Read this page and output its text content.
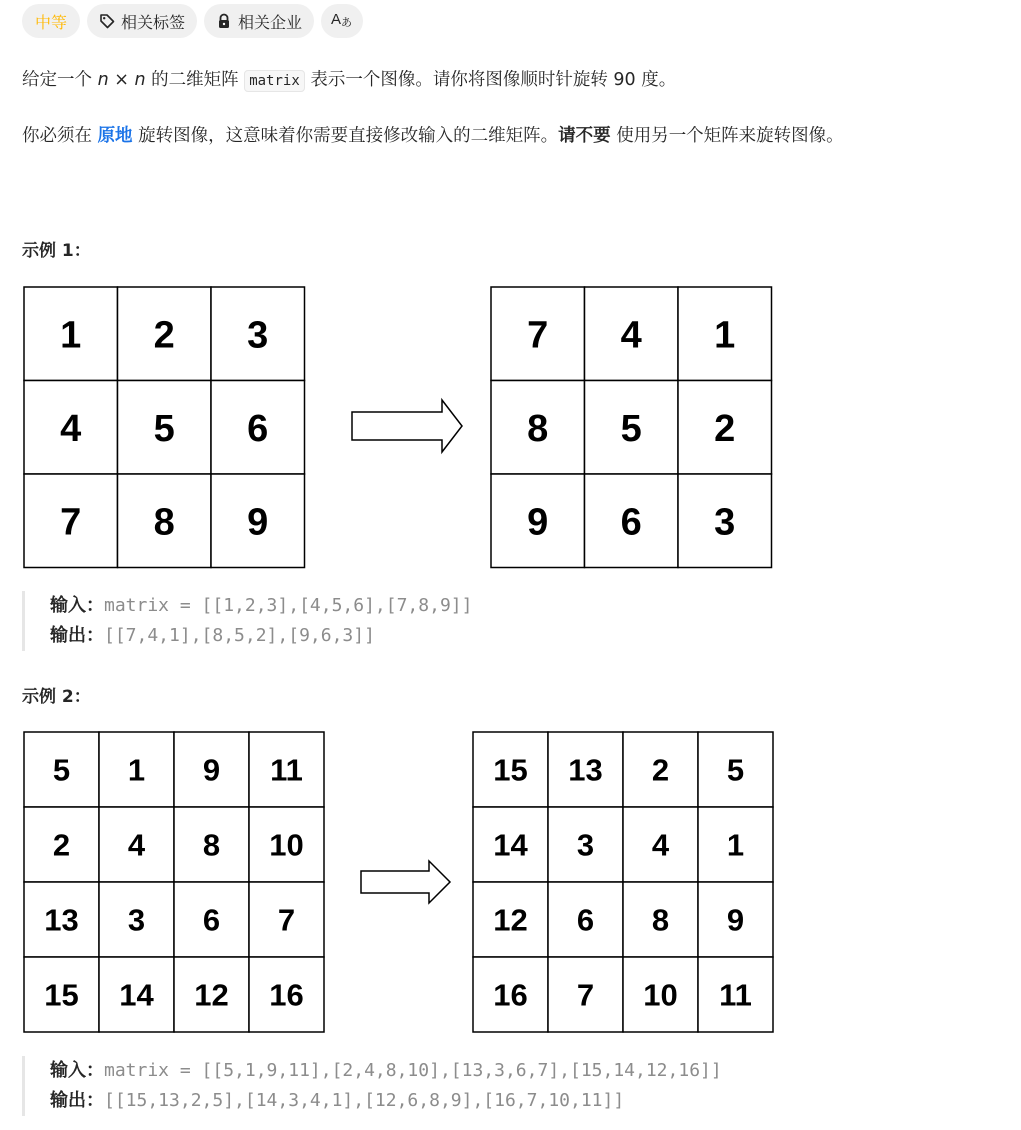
中等	相关标签	相关企业 A あ
给定一个 n × n 的二维矩阵 matrix 表示一个图像。请你将图像顺时针旋转 90 度。
你必须在 原地 旋转图像，这意味着你需要直接修改输入的二维矩阵。请不要 使用另一个矩阵来旋转图像。
示例 1：
1 2 3
4 5 6
7 8 9
7 4 1
8 5 2
9 6 3
输入：matrix = [[1,2,3],[4,5,6],[7,8,9]]
输出：[[7,4,1],[8,5,2],[9,6,3]]
示例 2：
5 1 9 11
2 4 8 10
13 3 6 7
15 14 12 16
15 13 2 5
14 3 4 1
12 6 8 9
16 7 10 11
输入：matrix = [[5,1,9,11],[2,4,8,10],[13,3,6,7],[15,14,12,16]]
输出：[[15,13,2,5],[14,3,4,1],[12,6,8,9],[16,7,10,11]]
